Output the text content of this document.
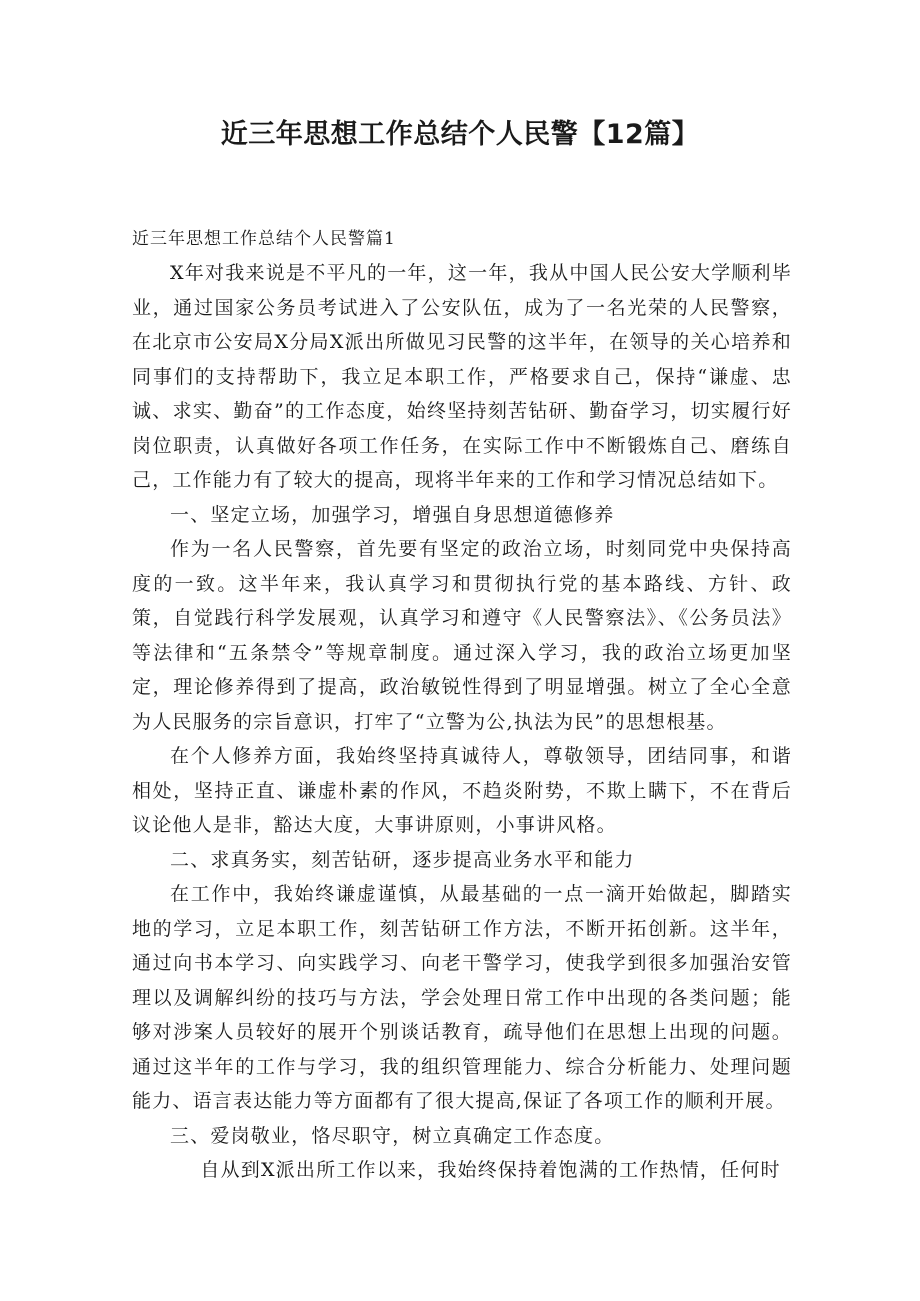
近三年思想工作总结个人民警【12篇】

近三年思想工作总结个人民警篇1

X年对我来说是不平凡的一年，这一年，我从中国人民公安大学顺利毕业，通过国家公务员考试进入了公安队伍，成为了一名光荣的人民警察，在北京市公安局X分局X派出所做见习民警的这半年，在领导的关心培养和同事们的支持帮助下，我立足本职工作，严格要求自己，保持“谦虚、忠诚、求实、勤奋”的工作态度，始终坚持刻苦钻研、勤奋学习，切实履行好岗位职责，认真做好各项工作任务，在实际工作中不断锻炼自己、磨练自己，工作能力有了较大的提高，现将半年来的工作和学习情况总结如下。

一、坚定立场，加强学习，增强自身思想道德修养

作为一名人民警察，首先要有坚定的政治立场，时刻同党中央保持高度的一致。这半年来，我认真学习和贯彻执行党的基本路线、方针、政策，自觉践行科学发展观，认真学习和遵守《人民警察法》、《公务员法》等法律和“五条禁令”等规章制度。通过深入学习，我的政治立场更加坚定，理论修养得到了提高，政治敏锐性得到了明显增强。树立了全心全意为人民服务的宗旨意识，打牢了“立警为公,执法为民”的思想根基。

在个人修养方面，我始终坚持真诚待人，尊敬领导，团结同事，和谐相处，坚持正直、谦虚朴素的作风，不趋炎附势，不欺上瞒下，不在背后议论他人是非，豁达大度，大事讲原则，小事讲风格。

二、求真务实，刻苦钻研，逐步提高业务水平和能力

在工作中，我始终谦虚谨慎，从最基础的一点一滴开始做起，脚踏实地的学习，立足本职工作，刻苦钻研工作方法，不断开拓创新。这半年，通过向书本学习、向实践学习、向老干警学习，使我学到很多加强治安管理以及调解纠纷的技巧与方法，学会处理日常工作中出现的各类问题；能够对涉案人员较好的展开个别谈话教育，疏导他们在思想上出现的问题。通过这半年的工作与学习，我的组织管理能力、综合分析能力、处理问题能力、语言表达能力等方面都有了很大提高,保证了各项工作的顺利开展。

三、爱岗敬业，恪尽职守，树立真确定工作态度。

自从到X派出所工作以来，我始终保持着饱满的工作热情，任何时
